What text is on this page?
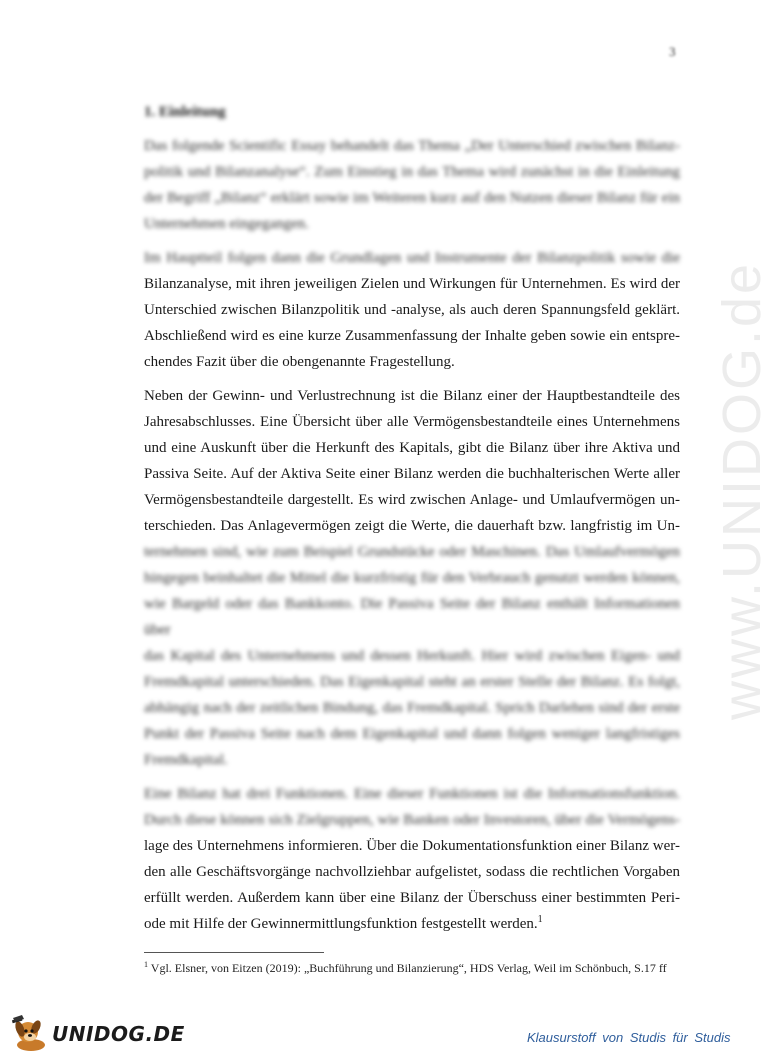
3
www.UNIDOG.de
1. Einleitung
Das folgende Scientific Essay behandelt das Thema „Der Unterschied zwischen Bilanz-
politik und Bilanzanalyse“. Zum Einstieg in das Thema wird zunächst in die Einleitung
der Begriff „Bilanz“ erklärt sowie im Weiteren kurz auf den Nutzen dieser Bilanz für ein
Unternehmen eingegangen.
Im Hauptteil folgen dann die Grundlagen und Instrumente der Bilanzpolitik sowie die
Bilanzanalyse, mit ihren jeweiligen Zielen und Wirkungen für Unternehmen. Es wird der
Unterschied zwischen Bilanzpolitik und -analyse, als auch deren Spannungsfeld geklärt.
Abschließend wird es eine kurze Zusammenfassung der Inhalte geben sowie ein entspre-
chendes Fazit über die obengenannte Fragestellung.
Neben der Gewinn- und Verlustrechnung ist die Bilanz einer der Hauptbestandteile des
Jahresabschlusses. Eine Übersicht über alle Vermögensbestandteile eines Unternehmens
und eine Auskunft über die Herkunft des Kapitals, gibt die Bilanz über ihre Aktiva und
Passiva Seite. Auf der Aktiva Seite einer Bilanz werden die buchhalterischen Werte aller
Vermögensbestandteile dargestellt. Es wird zwischen Anlage- und Umlaufvermögen un-
terschieden. Das Anlagevermögen zeigt die Werte, die dauerhaft bzw. langfristig im Un-
ternehmen sind, wie zum Beispiel Grundstücke oder Maschinen. Das Umlaufvermögen
hingegen beinhaltet die Mittel die kurzfristig für den Verbrauch genutzt werden können,
wie Bargeld oder das Bankkonto. Die Passiva Seite der Bilanz enthält Informationen über
das Kapital des Unternehmens und dessen Herkunft. Hier wird zwischen Eigen- und
Fremdkapital unterschieden. Das Eigenkapital steht an erster Stelle der Bilanz. Es folgt,
abhängig nach der zeitlichen Bindung, das Fremdkapital. Sprich Darlehen sind der erste
Punkt der Passiva Seite nach dem Eigenkapital und dann folgen weniger langfristiges
Fremdkapital.
Eine Bilanz hat drei Funktionen. Eine dieser Funktionen ist die Informationsfunktion.
Durch diese können sich Zielgruppen, wie Banken oder Investoren, über die Vermögens-
lage des Unternehmens informieren. Über die Dokumentationsfunktion einer Bilanz wer-
den alle Geschäftsvorgänge nachvollziehbar aufgelistet, sodass die rechtlichen Vorgaben
erfüllt werden. Außerdem kann über eine Bilanz der Überschuss einer bestimmten Peri-
ode mit Hilfe der Gewinnermittlungsfunktion festgestellt werden.$^1$
$^1$ Vgl. Elsner, von Eitzen (2019): „Buchführung und Bilanzierung“, HDS Verlag, Weil im Schönbuch, S.17 ff
UNIDOG.DE	Klausurstoff von Studis für Studis
